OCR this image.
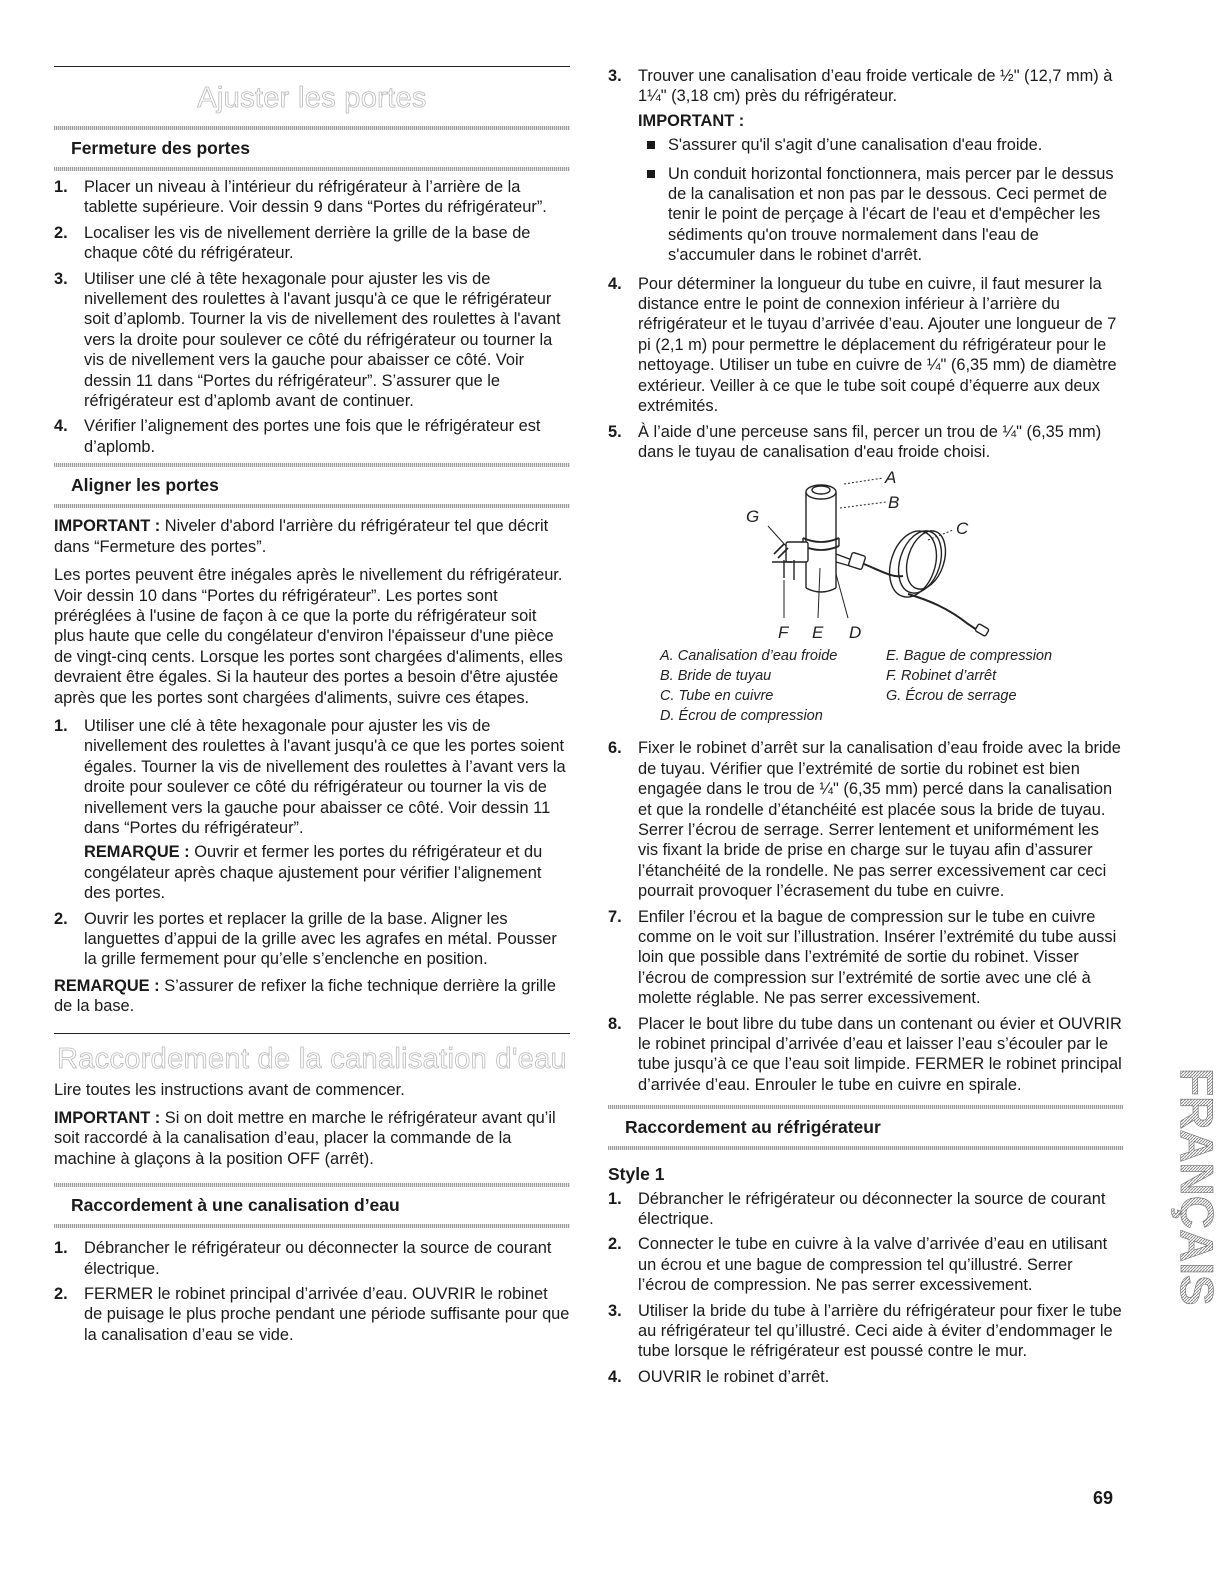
Ajuster les portes
Fermeture des portes
1. Placer un niveau à l’intérieur du réfrigérateur à l’arrière de la tablette supérieure. Voir dessin 9 dans “Portes du réfrigérateur”.
2. Localiser les vis de nivellement derrière la grille de la base de chaque côté du réfrigérateur.
3. Utiliser une clé à tête hexagonale pour ajuster les vis de nivellement des roulettes à l'avant jusqu'à ce que le réfrigérateur soit d’aplomb. Tourner la vis de nivellement des roulettes à l'avant vers la droite pour soulever ce côté du réfrigérateur ou tourner la vis de nivellement vers la gauche pour abaisser ce côté. Voir dessin 11 dans “Portes du réfrigérateur”. S’assurer que le réfrigérateur est d’aplomb avant de continuer.
4. Vérifier l’alignement des portes une fois que le réfrigérateur est d’aplomb.
Aligner les portes

IMPORTANT : Niveler d'abord l'arrière du réfrigérateur tel que décrit dans “Fermeture des portes”.

Les portes peuvent être inégales après le nivellement du réfrigérateur. Voir dessin 10 dans “Portes du réfrigérateur”. Les portes sont préréglées à l'usine de façon à ce que la porte du réfrigérateur soit plus haute que celle du congélateur d'environ l'épaisseur d'une pièce de vingt-cinq cents. Lorsque les portes sont chargées d'aliments, elles devraient être égales. Si la hauteur des portes a besoin d'être ajustée après que les portes sont chargées d'aliments, suivre ces étapes.

1. Utiliser une clé à tête hexagonale pour ajuster les vis de nivellement des roulettes à l'avant jusqu'à ce que les portes soient égales. Tourner la vis de nivellement des roulettes à l’avant vers la droite pour soulever ce côté du réfrigérateur ou tourner la vis de nivellement vers la gauche pour abaisser ce côté. Voir dessin 11 dans “Portes du réfrigérateur”.

REMARQUE : Ouvrir et fermer les portes du réfrigérateur et du congélateur après chaque ajustement pour vérifier l’alignement des portes.

2. Ouvrir les portes et replacer la grille de la base. Aligner les languettes d’appui de la grille avec les agrafes en métal. Pousser la grille fermement pour qu’elle s’enclenche en position.

REMARQUE : S’assurer de refixer la fiche technique derrière la grille de la base.

Raccordement de la canalisation d'eau

Lire toutes les instructions avant de commencer.

IMPORTANT : Si on doit mettre en marche le réfrigérateur avant qu’il soit raccordé à la canalisation d’eau, placer la commande de la machine à glaçons à la position OFF (arrêt).

Raccordement à une canalisation d’eau
1. Débrancher le réfrigérateur ou déconnecter la source de courant électrique.
2. FERMER le robinet principal d’arrivée d’eau. OUVRIR le robinet de puisage le plus proche pendant une période suffisante pour que la canalisation d’eau se vide.
3. Trouver une canalisation d’eau froide verticale de ½" (12,7 mm) à 1¼" (3,18 cm) près du réfrigérateur.

IMPORTANT :

S'assurer qu'il s'agit d’une canalisation d'eau froide.
Un conduit horizontal fonctionnera, mais percer par le dessus de la canalisation et non pas par le dessous. Ceci permet de tenir le point de perçage à l'écart de l'eau et d'empêcher les sédiments qu'on trouve normalement dans l'eau de s'accumuler dans le robinet d'arrêt.
4. Pour déterminer la longueur du tube en cuivre, il faut mesurer la distance entre le point de connexion inférieur à l’arrière du réfrigérateur et le tuyau d’arrivée d’eau. Ajouter une longueur de 7 pi (2,1 m) pour permettre le déplacement du réfrigérateur pour le nettoyage. Utiliser un tube en cuivre de ¼" (6,35 mm) de diamètre extérieur. Veiller à ce que le tube soit coupé d’équerre aux deux extrémités.
5. À l’aide d’une perceuse sans fil, percer un trou de ¼" (6,35 mm) dans le tuyau de canalisation d'eau froide choisi.
A
B
C
D
E
F
G
A. Canalisation d’eau froide	E. Bague de compression
B. Bride de tuyau	F. Robinet d’arrêt
C. Tube en cuivre	G. Écrou de serrage
D. Écrou de compression
6. Fixer le robinet d’arrêt sur la canalisation d’eau froide avec la bride de tuyau. Vérifier que l’extrémité de sortie du robinet est bien engagée dans le trou de ¼" (6,35 mm) percé dans la canalisation et que la rondelle d’étanchéité est placée sous la bride de tuyau. Serrer l’écrou de serrage. Serrer lentement et uniformément les vis fixant la bride de prise en charge sur le tuyau afin d’assurer l’étanchéité de la rondelle. Ne pas serrer excessivement car ceci pourrait provoquer l’écrasement du tube en cuivre.
7. Enfiler l’écrou et la bague de compression sur le tube en cuivre comme on le voit sur l’illustration. Insérer l’extrémité du tube aussi loin que possible dans l’extrémité de sortie du robinet. Visser l’écrou de compression sur l’extrémité de sortie avec une clé à molette réglable. Ne pas serrer excessivement.
8. Placer le bout libre du tube dans un contenant ou évier et OUVRIR le robinet principal d’arrivée d’eau et laisser l’eau s’écouler par le tube jusqu’à ce que l’eau soit limpide. FERMER le robinet principal d’arrivée d’eau. Enrouler le tube en cuivre en spirale.
Raccordement au réfrigérateur
Style 1
1. Débrancher le réfrigérateur ou déconnecter la source de courant électrique.
2. Connecter le tube en cuivre à la valve d’arrivée d’eau en utilisant un écrou et une bague de compression tel qu’illustré. Serrer l’écrou de compression. Ne pas serrer excessivement.
3. Utiliser la bride du tube à l’arrière du réfrigérateur pour fixer le tube au réfrigérateur tel qu’illustré. Ceci aide à éviter d’endommager le tube lorsque le réfrigérateur est poussé contre le mur.
4. OUVRIR le robinet d’arrêt.
FRANÇAIS
69
